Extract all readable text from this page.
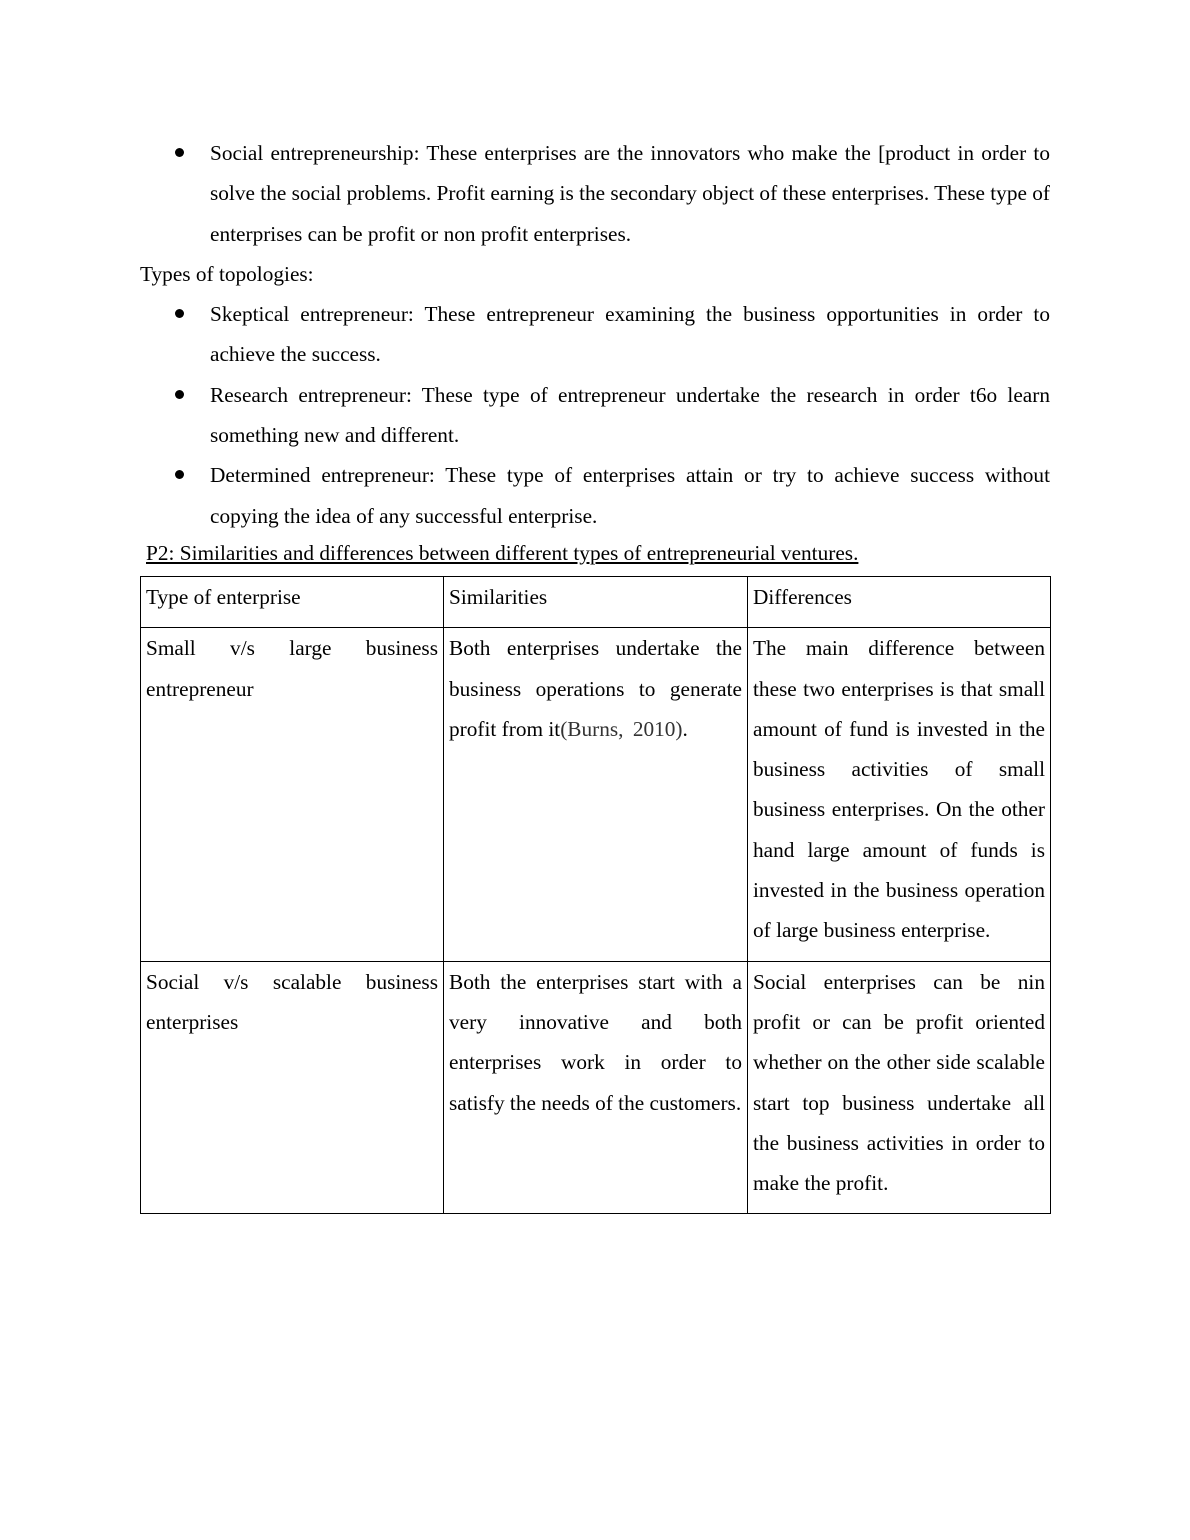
Social entrepreneurship: These enterprises are the innovators who make the [product in order to solve the social problems. Profit earning is the secondary object of these enterprises. These type of enterprises can be profit or non profit enterprises.

Types of topologies:

Skeptical entrepreneur: These entrepreneur examining the business opportunities in order to achieve the success.
Research entrepreneur: These type of entrepreneur undertake the research in order t6o learn something new and different.
Determined entrepreneur: These type of enterprises attain or try to achieve success without copying the idea of any successful enterprise.

P2: Similarities and differences between different types of entrepreneurial ventures.

Type of enterprise	Similarities	Differences
Small v/s large business entrepreneur	Both enterprises undertake the business operations to generate profit from it(Burns, 2010).	The main difference between these two enterprises is that small amount of fund is invested in the business activities of small business enterprises. On the other hand large amount of funds is invested in the business operation of large business enterprise.
Social v/s scalable business enterprises	Both the enterprises start with a very innovative and both enterprises work in order to satisfy the needs of the customers.	Social enterprises can be nin profit or can be profit oriented whether on the other side scalable start top business undertake all the business activities in order to make the profit.
